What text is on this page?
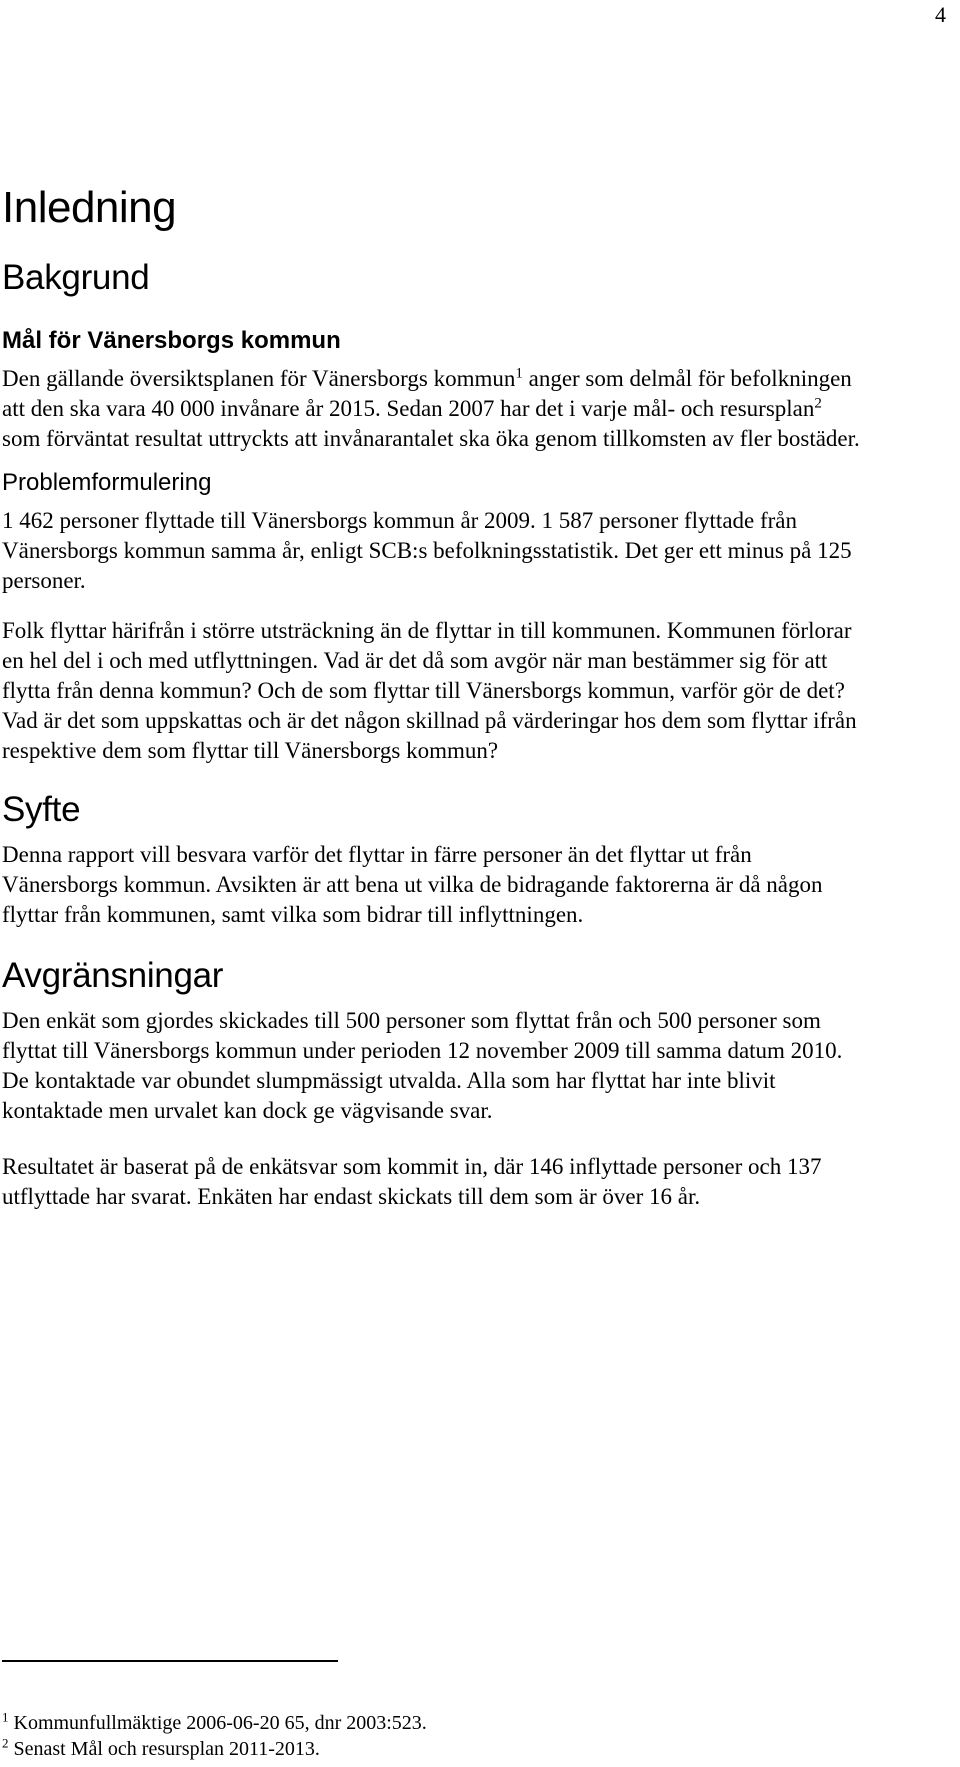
4
Inledning
Bakgrund
Mål för Vänersborgs kommun

Den gällande översiktsplanen för Vänersborgs kommun$^1$ anger som delmål för befolkningen att den ska vara 40 000 invånare år 2015. Sedan 2007 har det i varje mål- och resursplan$^2$ som förväntat resultat uttryckts att invånarantalet ska öka genom tillkomsten av fler bostäder.

Problemformulering

1 462 personer flyttade till Vänersborgs kommun år 2009. 1 587 personer flyttade från Vänersborgs kommun samma år, enligt SCB:s befolkningsstatistik. Det ger ett minus på 125 personer.

Folk flyttar härifrån i större utsträckning än de flyttar in till kommunen. Kommunen förlorar en hel del i och med utflyttningen. Vad är det då som avgör när man bestämmer sig för att flytta från denna kommun? Och de som flyttar till Vänersborgs kommun, varför gör de det? Vad är det som uppskattas och är det någon skillnad på värderingar hos dem som flyttar ifrån respektive dem som flyttar till Vänersborgs kommun?

Syfte

Denna rapport vill besvara varför det flyttar in färre personer än det flyttar ut från Vänersborgs kommun. Avsikten är att bena ut vilka de bidragande faktorerna är då någon flyttar från kommunen, samt vilka som bidrar till inflyttningen.

Avgränsningar

Den enkät som gjordes skickades till 500 personer som flyttat från och 500 personer som flyttat till Vänersborgs kommun under perioden 12 november 2009 till samma datum 2010. De kontaktade var obundet slumpmässigt utvalda. Alla som har flyttat har inte blivit kontaktade men urvalet kan dock ge vägvisande svar.

Resultatet är baserat på de enkätsvar som kommit in, där 146 inflyttade personer och 137 utflyttade har svarat. Enkäten har endast skickats till dem som är över 16 år.

$^1$ Kommunfullmäktige 2006-06-20 65, dnr 2003:523.

$^2$ Senast Mål och resursplan 2011-2013.
